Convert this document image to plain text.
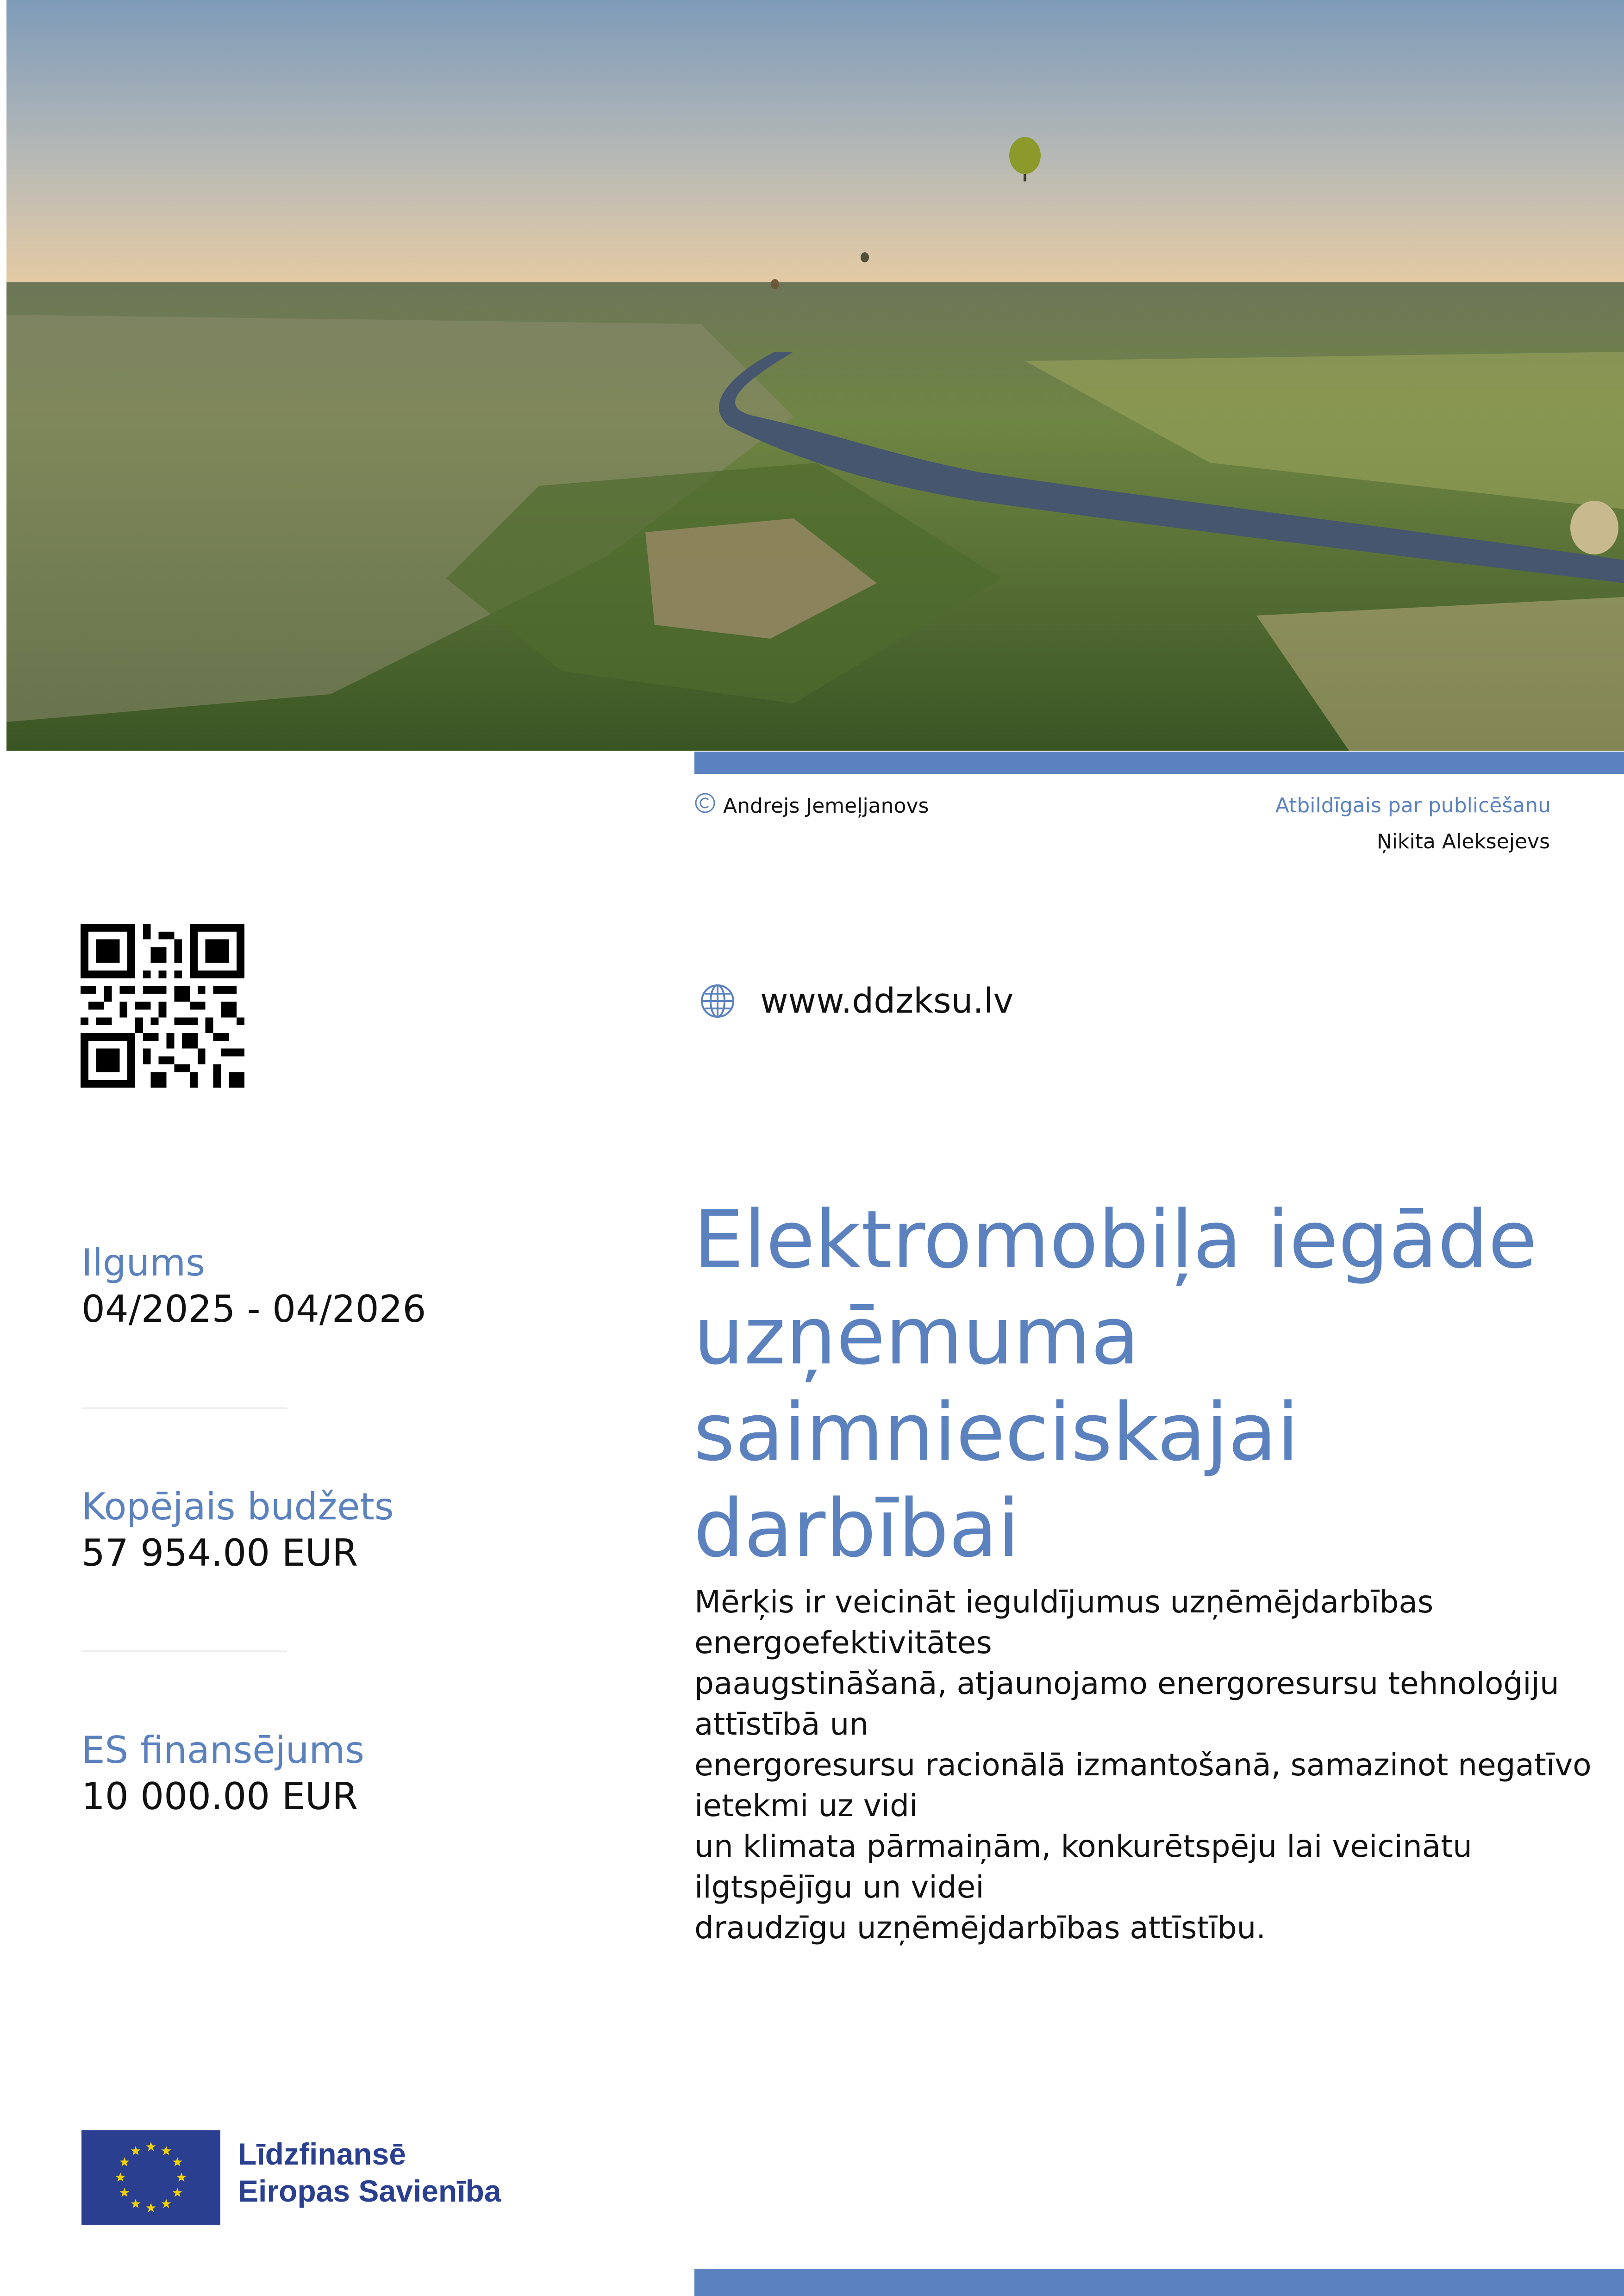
Andrejs Jemeļjanovs	Atbildīgais par publicēšanu
Ņikita Aleksejevs
www.ddzksu.lv
Ilgums
04/2025 - 04/2026
Kopējais budžets
57 954.00 EUR
ES finansējums
10 000.00 EUR
Elektromobiļa iegāde uzņēmuma saimnieciskajai darbībai
Mērķis ir veicināt ieguldījumus uzņēmējdarbības energoefektivitātes
paaugstināšanā, atjaunojamo energoresursu tehnoloģiju attīstībā un
energoresursu racionālā izmantošanā, samazinot negatīvo ietekmi uz vidi
un klimata pārmaiņām, konkurētspēju lai veicinātu ilgtspējīgu un videi
draudzīgu uzņēmējdarbības attīstību.
Līdzfinansē
Eiropas Savienība
